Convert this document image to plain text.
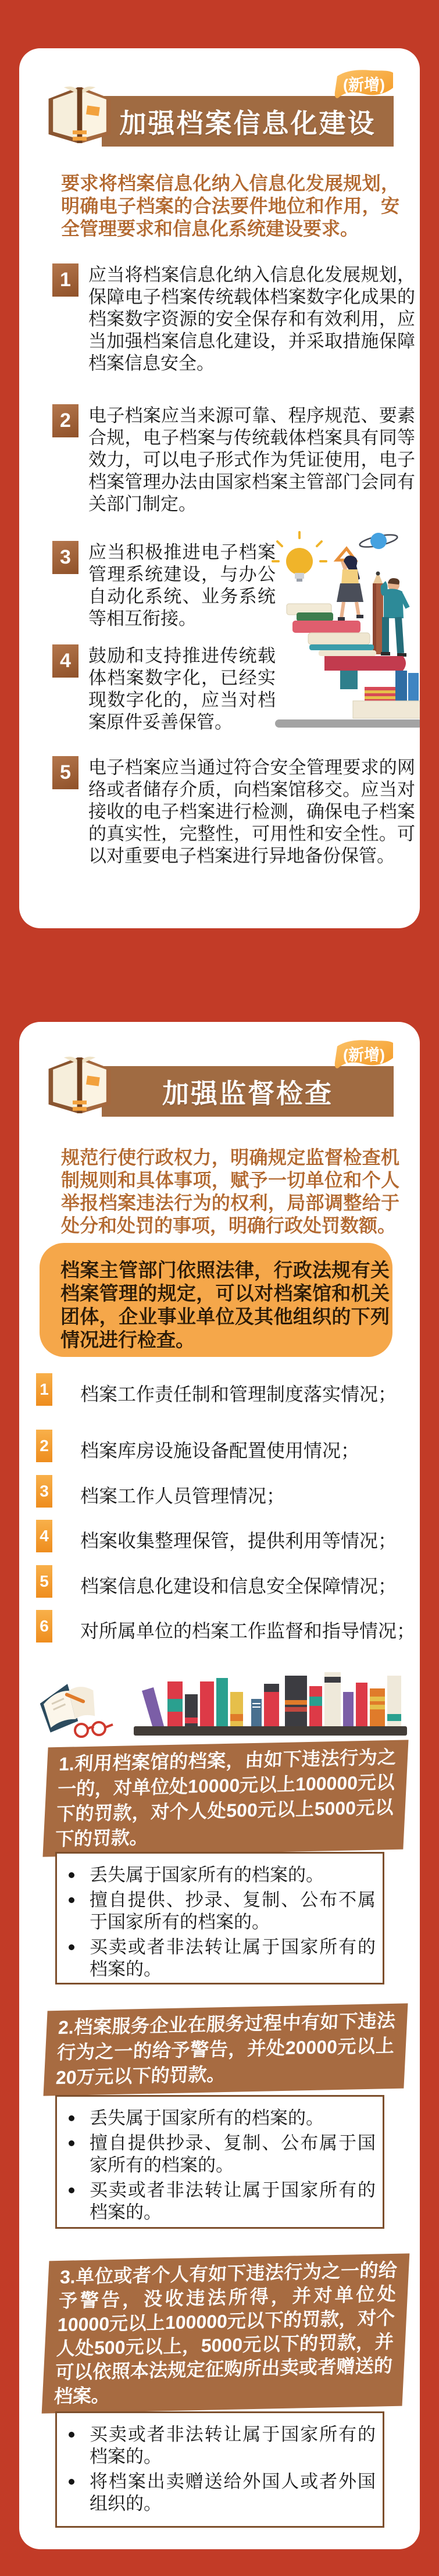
加强档案信息化建设
(新增)

要求将档案信息化纳入信息化发展规划，明确电子档案的合法要件地位和作用，安全管理要求和信息化系统建设要求。

1 应当将档案信息化纳入信息化发展规划，保障电子档案传统载体档案数字化成果的档案数字资源的安全保存和有效利用，应当加强档案信息化建设，并采取措施保障档案信息安全。
2 电子档案应当来源可靠、程序规范、要素合规，电子档案与传统载体档案具有同等效力，可以电子形式作为凭证使用，电子档案管理办法由国家档案主管部门会同有关部门制定。
3 应当积极推进电子档案管理系统建设，与办公自动化系统、业务系统等相互衔接。
4 鼓励和支持推进传统载体档案数字化，已经实现数字化的，应当对档案原件妥善保管。
5 电子档案应当通过符合安全管理要求的网络或者储存介质，向档案馆移交。应当对接收的电子档案进行检测，确保电子档案的真实性，完整性，可用性和安全性。可以对重要电子档案进行异地备份保管。
加强监督检查
(新增)

规范行使行政权力，明确规定监督检查机制规则和具体事项，赋予一切单位和个人举报档案违法行为的权利，局部调整给于处分和处罚的事项，明确行政处罚数额。

档案主管部门依照法律，行政法规有关档案管理的规定，可以对档案馆和机关团体，企业事业单位及其他组织的下列情况进行检查。
1 档案工作责任制和管理制度落实情况；
2 档案库房设施设备配置使用情况；
3 档案工作人员管理情况；
4 档案收集整理保管，提供利用等情况；
5 档案信息化建设和信息安全保障情况；
6 对所属单位的档案工作监督和指导情况；
1.利用档案馆的档案，由如下违法行为之一的，对单位处10000元以上100000元以下的罚款，对个人处500元以上5000元以下的罚款。
丢失属于国家所有的档案的。
擅自提供、抄录、复制、公布不属于国家所有的档案的。
买卖或者非法转让属于国家所有的档案的。
2.档案服务企业在服务过程中有如下违法行为之一的给予警告，并处20000元以上20万元以下的罚款。
丢失属于国家所有的档案的。
擅自提供抄录、复制、公布属于国家所有的档案的。
买卖或者非法转让属于国家所有的档案的。
3.单位或者个人有如下违法行为之一的给予警告，没收违法所得，并对单位处10000元以上100000元以下的罚款，对个人处500元以上，5000元以下的罚款，并可以依照本法规定征购所出卖或者赠送的档案。
买卖或者非法转让属于国家所有的档案的。
将档案出卖赠送给外国人或者外国组织的。
